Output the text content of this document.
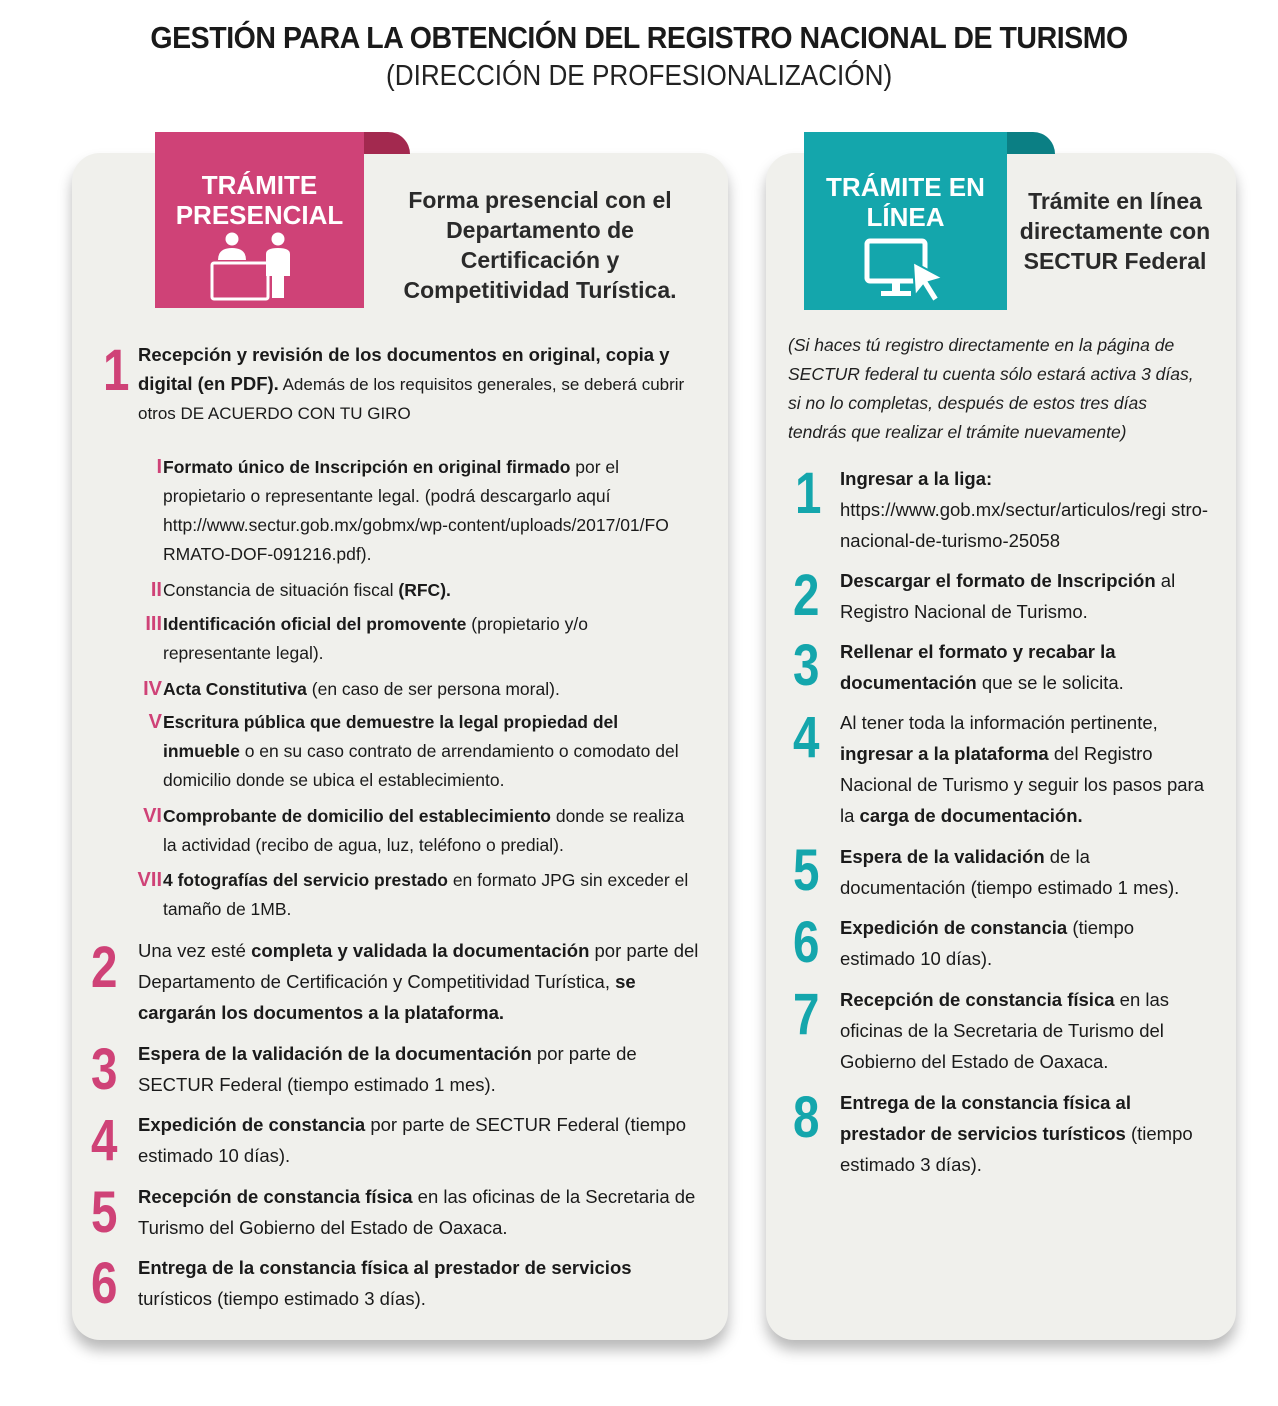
GESTIÓN PARA LA OBTENCIÓN DEL REGISTRO NACIONAL DE TURISMO
(DIRECCIÓN DE PROFESIONALIZACIÓN)
TRÁMITE
PRESENCIAL	Forma presencial con el Departamento de Certificación y Competitividad Turística.
1 Recepción y revisión de los documentos en original, copia y digital (en PDF). Además de los requisitos generales, se deberá cubrir otros DE ACUERDO CON TU GIRO
I Formato único de Inscripción en original firmado por el propietario o representante legal. (podrá descargarlo aquí http://www.sectur.gob.mx/gobmx/wp-content/uploads/2017/01/FO RMATO-DOF-091216.pdf).
II Constancia de situación fiscal (RFC).
III Identificación oficial del promovente (propietario y/o representante legal).
IV Acta Constitutiva (en caso de ser persona moral).
V Escritura pública que demuestre la legal propiedad del inmueble o en su caso contrato de arrendamiento o comodato del domicilio donde se ubica el establecimiento.
VI Comprobante de domicilio del establecimiento donde se realiza la actividad (recibo de agua, luz, teléfono o predial).
VII 4 fotografías del servicio prestado en formato JPG sin exceder el tamaño de 1MB.
2 Una vez esté completa y validada la documentación por parte del Departamento de Certificación y Competitividad Turística, se cargarán los documentos a la plataforma.
3 Espera de la validación de la documentación por parte de SECTUR Federal (tiempo estimado 1 mes).
4 Expedición de constancia por parte de SECTUR Federal (tiempo estimado 10 días).
5 Recepción de constancia física en las oficinas de la Secretaria de Turismo del Gobierno del Estado de Oaxaca.
6 Entrega de la constancia física al prestador de servicios turísticos (tiempo estimado 3 días).
TRÁMITE EN
LÍNEA
Trámite en línea directamente con SECTUR Federal
(Si haces tú registro directamente en la página de SECTUR federal tu cuenta sólo estará activa 3 días, si no lo completas, después de estos tres días tendrás que realizar el trámite nuevamente)
1 Ingresar a la liga: https://www.gob.mx/sectur/articulos/regi stro-nacional-de-turismo-25058
2 Descargar el formato de Inscripción al Registro Nacional de Turismo.
3 Rellenar el formato y recabar la documentación que se le solicita.
4 Al tener toda la información pertinente, ingresar a la plataforma del Registro Nacional de Turismo y seguir los pasos para la carga de documentación.
5 Espera de la validación de la documentación (tiempo estimado 1 mes).
6 Expedición de constancia (tiempo estimado 10 días).
7 Recepción de constancia física en las oficinas de la Secretaria de Turismo del Gobierno del Estado de Oaxaca.
8 Entrega de la constancia física al prestador de servicios turísticos (tiempo estimado 3 días).
